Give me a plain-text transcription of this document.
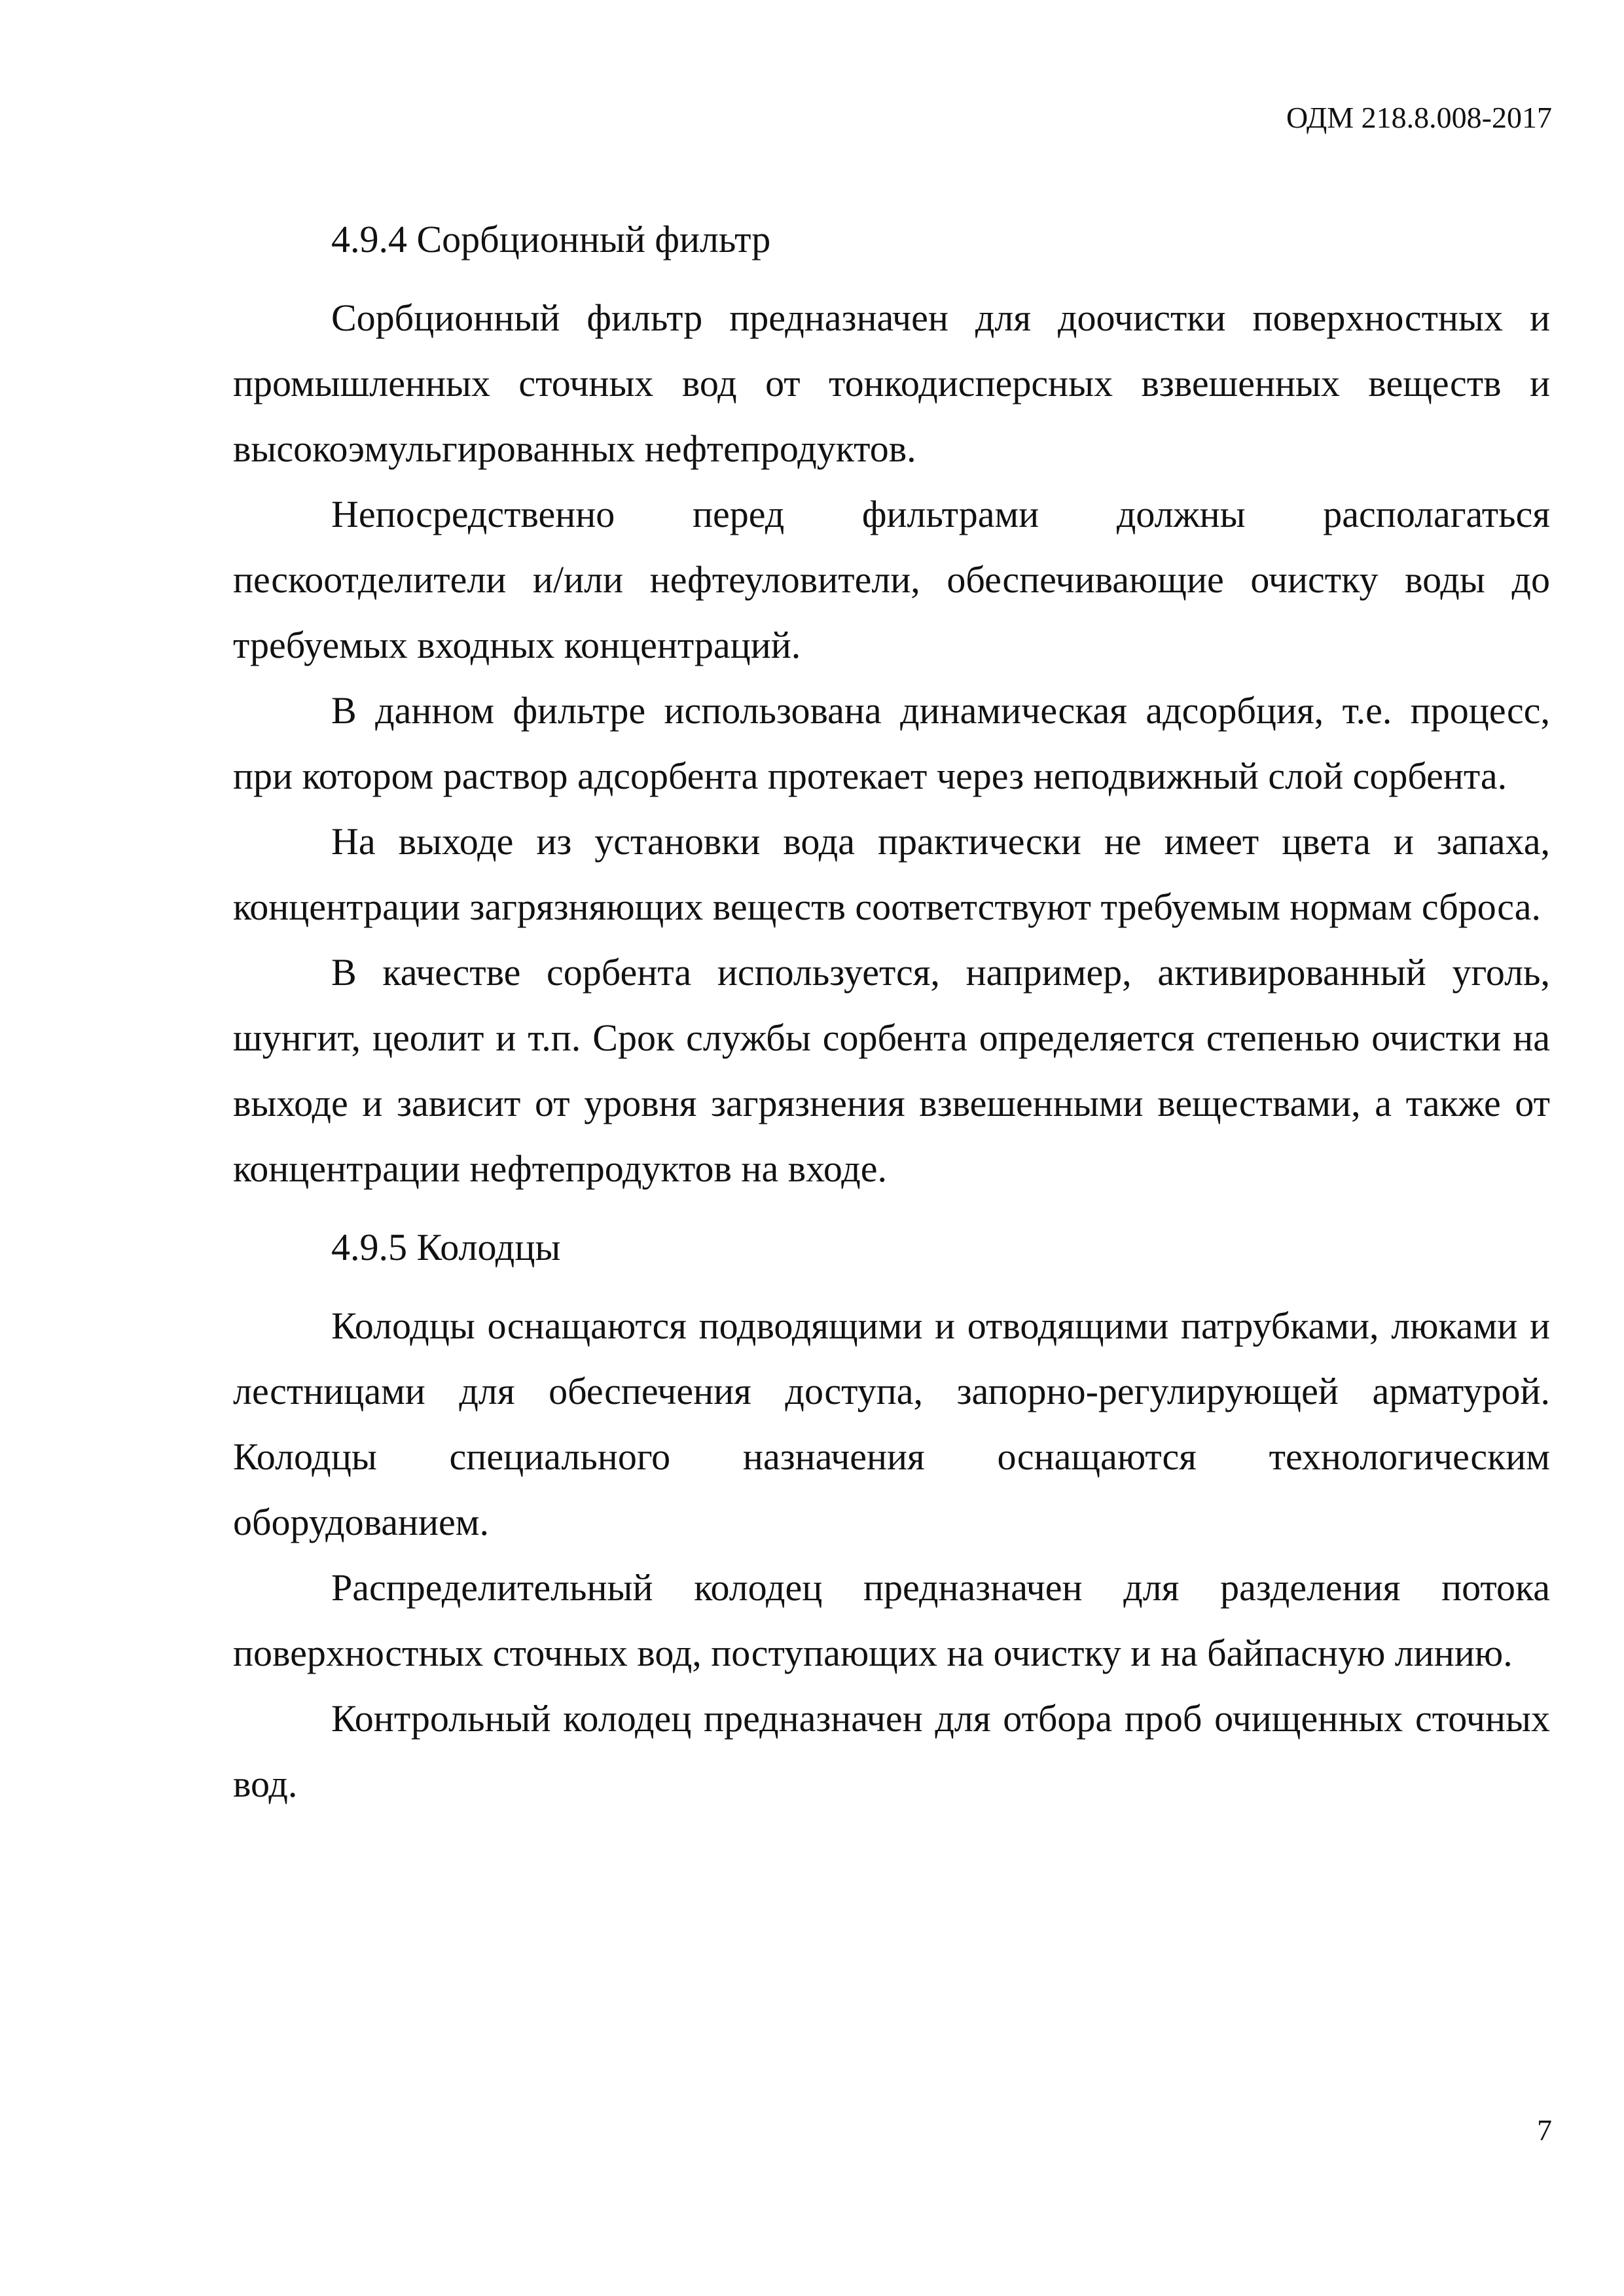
ОДМ 218.8.008-2017
4.9.4 Сорбционный фильтр

Сорбционный фильтр предназначен для доочистки поверхностных и промышленных сточных вод от тонкодисперсных взвешенных веществ и высокоэмульгированных нефтепродуктов.

Непосредственно перед фильтрами должны располагаться пескоотделители и/или нефтеуловители, обеспечивающие очистку воды до требуемых входных концентраций.

В данном фильтре использована динамическая адсорбция, т.е. процесс, при котором раствор адсорбента протекает через неподвижный слой сорбента.

На выходе из установки вода практически не имеет цвета и запаха, концентрации загрязняющих веществ соответствуют требуемым нормам сброса.

В качестве сорбента используется, например, активированный уголь, шунгит, цеолит и т.п. Срок службы сорбента определяется степенью очистки на выходе и зависит от уровня загрязнения взвешенными веществами, а также от концентрации нефтепродуктов на входе.

4.9.5 Колодцы

Колодцы оснащаются подводящими и отводящими патрубками, люками и лестницами для обеспечения доступа, запорно-регулирующей арматурой. Колодцы специального назначения оснащаются технологическим оборудованием.

Распределительный колодец предназначен для разделения потока поверхностных сточных вод, поступающих на очистку и на байпасную линию.

Контрольный колодец предназначен для отбора проб очищенных сточных вод.

7
